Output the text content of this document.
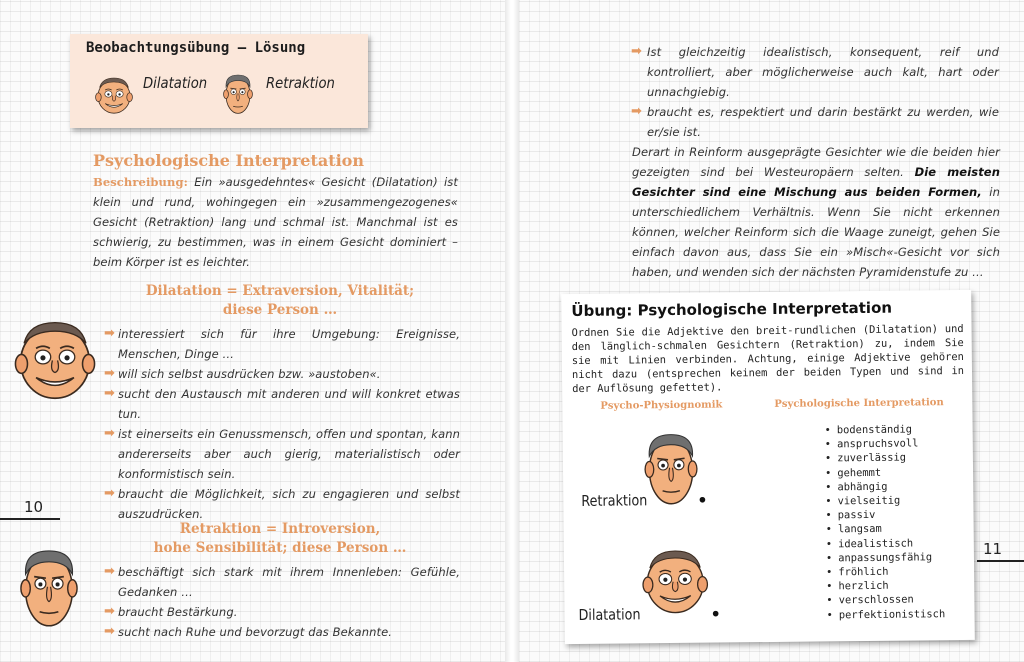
Beobachtungsübung – Lösung
Dilatation	Retraktion
Psychologische Interpretation
Beschreibung: Ein »ausgedehntes« Gesicht (Dilatation) ist klein und rund, wohingegen ein »zusammengezogenes« Gesicht (Retraktion) lang und schmal ist. Manchmal ist es schwierig, zu bestimmen, was in einem Gesicht dominiert – beim Körper ist es leichter.
Dilatation = Extraversion, Vitalität;
diese Person …
➡ interessiert sich für ihre Umgebung: Ereignisse, Menschen, Dinge …
➡ will sich selbst ausdrücken bzw. »austoben«.
➡ sucht den Austausch mit anderen und will konkret etwas tun.
➡ ist einerseits ein Genussmensch, offen und spontan, kann andererseits aber auch gierig, materialistisch oder konformistisch sein.
➡ braucht die Möglichkeit, sich zu engagieren und selbst auszudrücken.
10
Retraktion = Introversion,
hohe Sensibilität; diese Person …
➡ beschäftigt sich stark mit ihrem Innenleben: Gefühle, Gedanken …
➡ braucht Bestärkung.
➡ sucht nach Ruhe und bevorzugt das Bekannte.
➡ Ist gleichzeitig idealistisch, konsequent, reif und kontrolliert, aber möglicherweise auch kalt, hart oder unnachgiebig.
➡ braucht es, respektiert und darin bestärkt zu werden, wie er/sie ist.
Derart in Reinform ausgeprägte Gesichter wie die beiden hier gezeigten sind bei Westeuropäern selten. Die meisten Gesichter sind eine Mischung aus beiden Formen, in unterschiedlichem Verhältnis. Wenn Sie nicht erkennen können, welcher Reinform sich die Waage zuneigt, gehen Sie einfach davon aus, dass Sie ein »Misch«-Gesicht vor sich haben, und wenden sich der nächsten Pyramidenstufe zu …
11
Übung: Psychologische Interpretation
Ordnen Sie die Adjektive den breit-rundlichen (Dilatation) und den länglich-schmalen Gesichtern (Retraktion) zu, indem Sie sie mit Linien verbinden. Achtung, einige Adjektive gehören nicht dazu (entsprechen keinem der beiden Typen und sind in der Auflösung gefettet).
Psycho-Physiognomik	Psychologische Interpretation
Retraktion	•
Dilatation	•
• bodenständig
• anspruchsvoll
• zuverlässig
• gehemmt
• abhängig
• vielseitig
• passiv
• langsam
• idealistisch
• anpassungsfähig
• fröhlich
• herzlich
• verschlossen
• perfektionistisch
